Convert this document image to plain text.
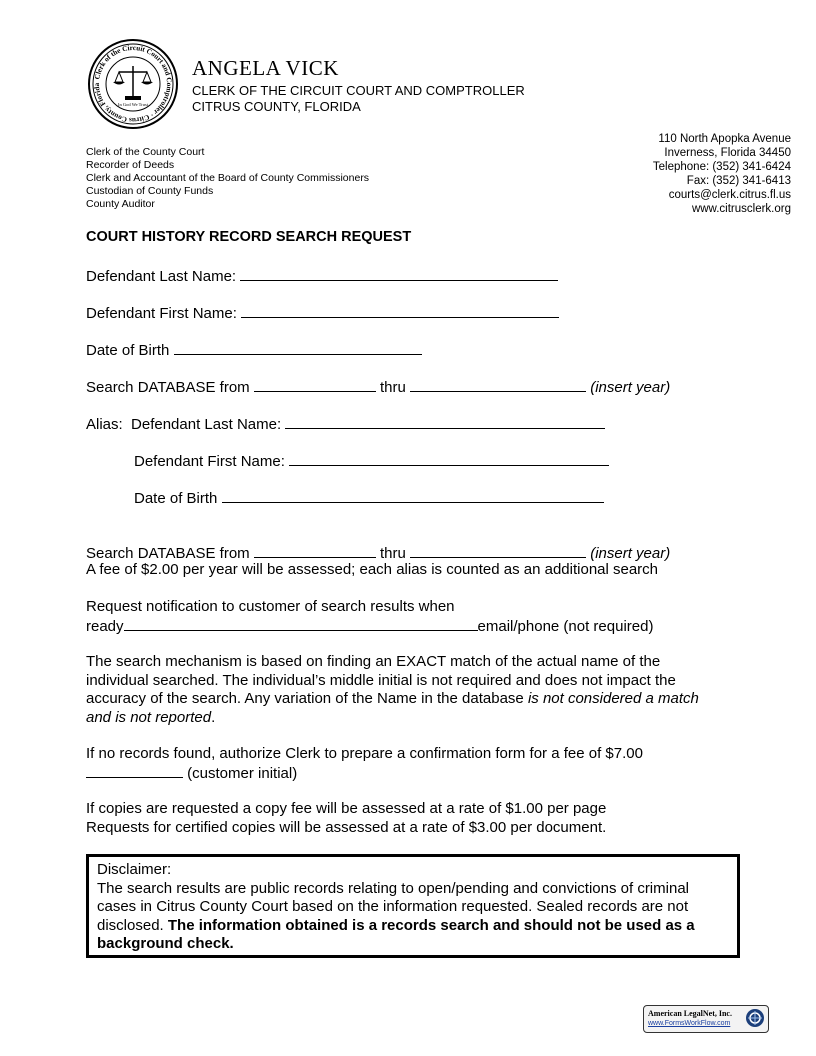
Clerk of the Circuit Court and Comptroller · Citrus County, Florida
In God We Trust
ANGELA VICK
CLERK OF THE CIRCUIT COURT AND COMPTROLLER
CITRUS COUNTY, FLORIDA
Clerk of the County Court
Recorder of Deeds
Clerk and Accountant of the Board of County Commissioners
Custodian of County Funds
County Auditor
110 North Apopka Avenue
Inverness, Florida 34450
Telephone: (352) 341-6424
Fax: (352) 341-6413
courts@clerk.citrus.fl.us
www.citrusclerk.org
COURT HISTORY RECORD SEARCH REQUEST
Defendant Last Name:
Defendant First Name:
Date of Birth
Search DATABASE from	thru	(insert year)
Alias: Defendant Last Name:
Defendant First Name:
Date of Birth
Search DATABASE from	thru	(insert year)
A fee of $2.00 per year will be assessed; each alias is counted as an additional search
Request notification to customer of search results when
ready	email/phone (not required)
The search mechanism is based on finding an EXACT match of the actual name of the individual searched. The individual’s middle initial is not required and does not impact the accuracy of the search. Any variation of the Name in the database is not considered a match and is not reported.
If no records found, authorize Clerk to prepare a confirmation form for a fee of $7.00
(customer initial)
If copies are requested a copy fee will be assessed at a rate of $1.00 per page
Requests for certified copies will be assessed at a rate of $3.00 per document.
Disclaimer:
The search results are public records relating to open/pending and convictions of criminal cases in Citrus County Court based on the information requested. Sealed records are not disclosed. The information obtained is a records search and should not be used as a background check.
American LegalNet, Inc.
www.FormsWorkFlow.com
